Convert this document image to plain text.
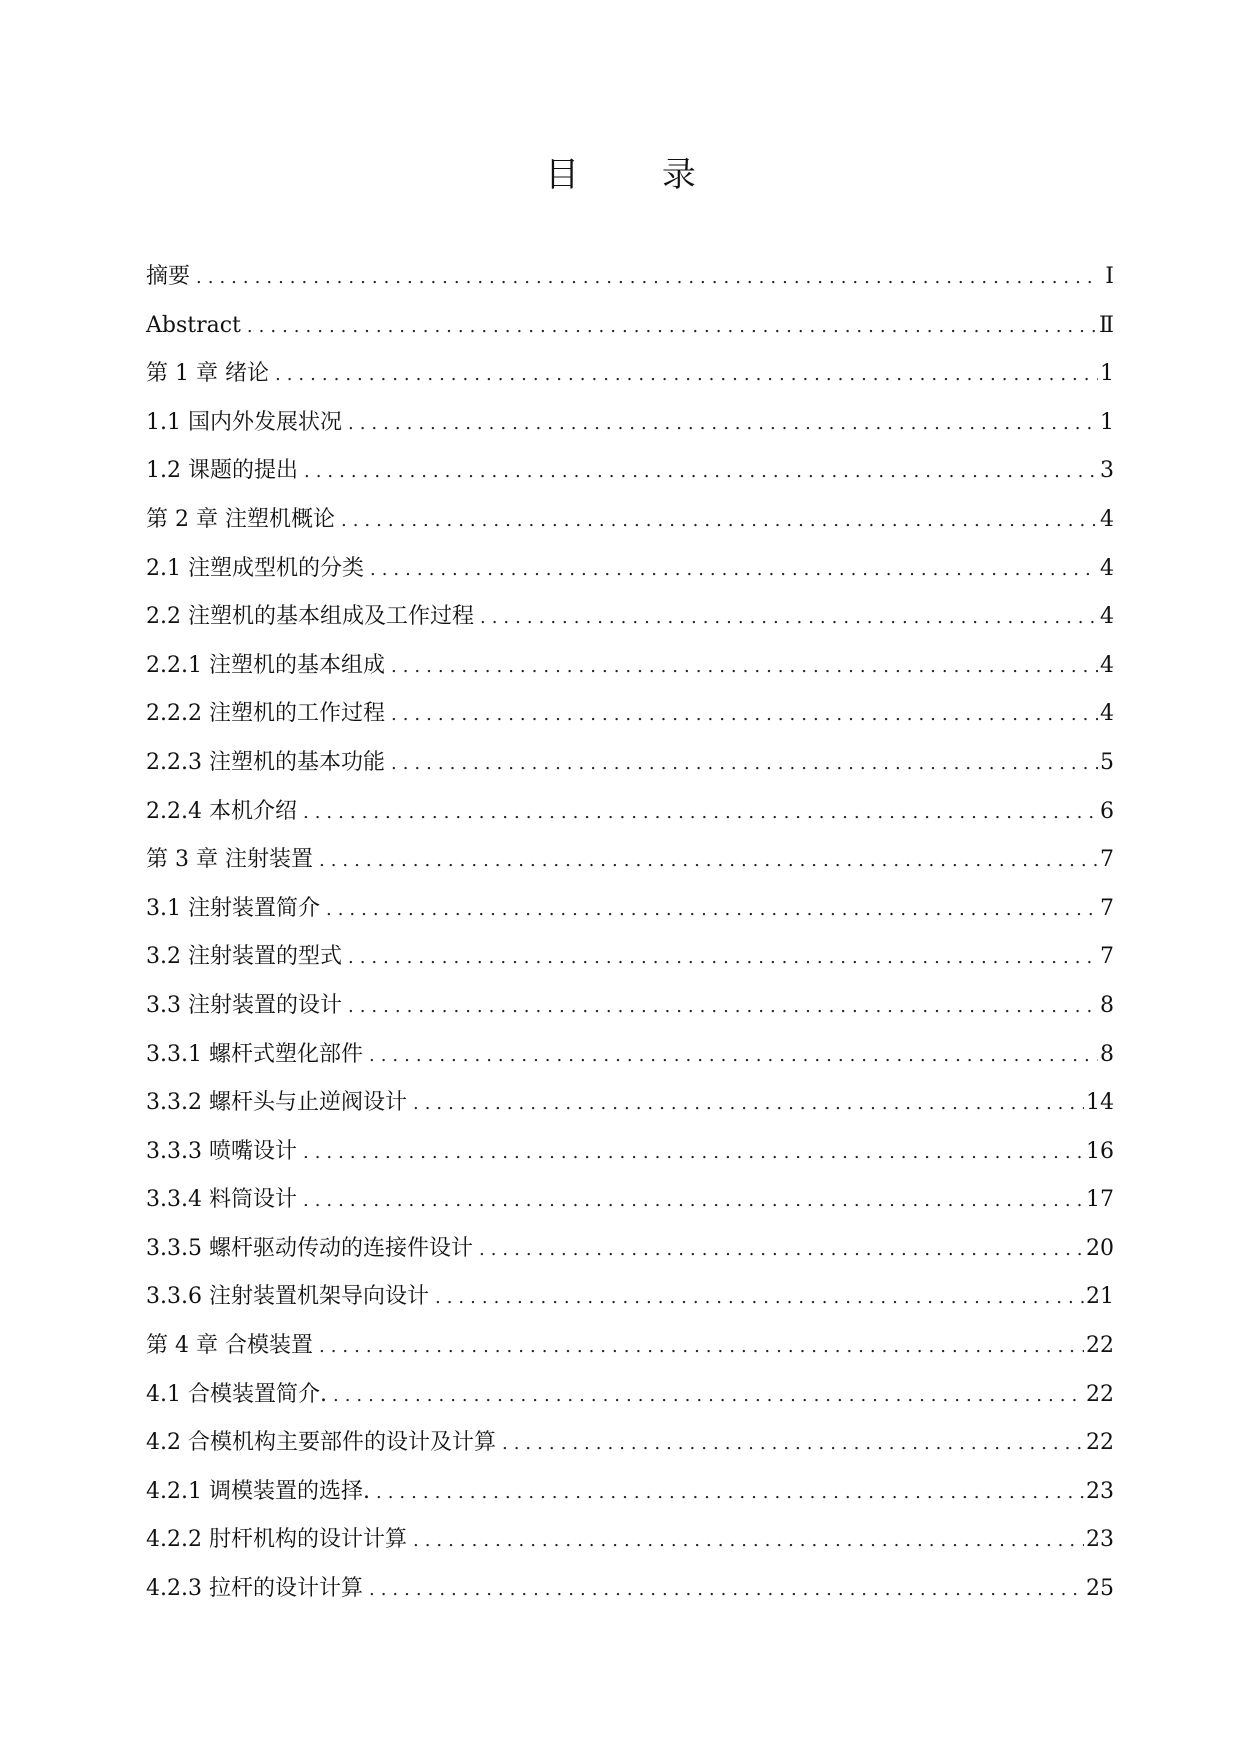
目 录
摘要 .....	Ⅰ
Abstract .....	Ⅱ
第 1 章 绪论 .....	1
1.1 国内外发展状况 .....	1
1.2 课题的提出 .....	3
第 2 章 注塑机概论 .....	4
2.1 注塑成型机的分类 .....	4
2.2 注塑机的基本组成及工作过程 .....	4
2.2.1 注塑机的基本组成 .....	4
2.2.2 注塑机的工作过程 .....	4
2.2.3 注塑机的基本功能 .....	5
2.2.4 本机介绍 .....	6
第 3 章 注射装置 .....	7
3.1 注射装置简介 .....	7
3.2 注射装置的型式 .....	7
3.3 注射装置的设计 .....	8
3.3.1 螺杆式塑化部件 .....	8
3.3.2 螺杆头与止逆阀设计 .....	14
3.3.3 喷嘴设计 .....	16
3.3.4 料筒设计 .....	17
3.3.5 螺杆驱动传动的连接件设计 .....	20
3.3.6 注射装置机架导向设计 .....	21
第 4 章 合模装置 .....	22
4.1 合模装置简介. .....	22
4.2 合模机构主要部件的设计及计算 .....	22
4.2.1 调模装置的选择. .....	23
4.2.2 肘杆机构的设计计算 .....	23
4.2.3 拉杆的设计计算 .....	25
